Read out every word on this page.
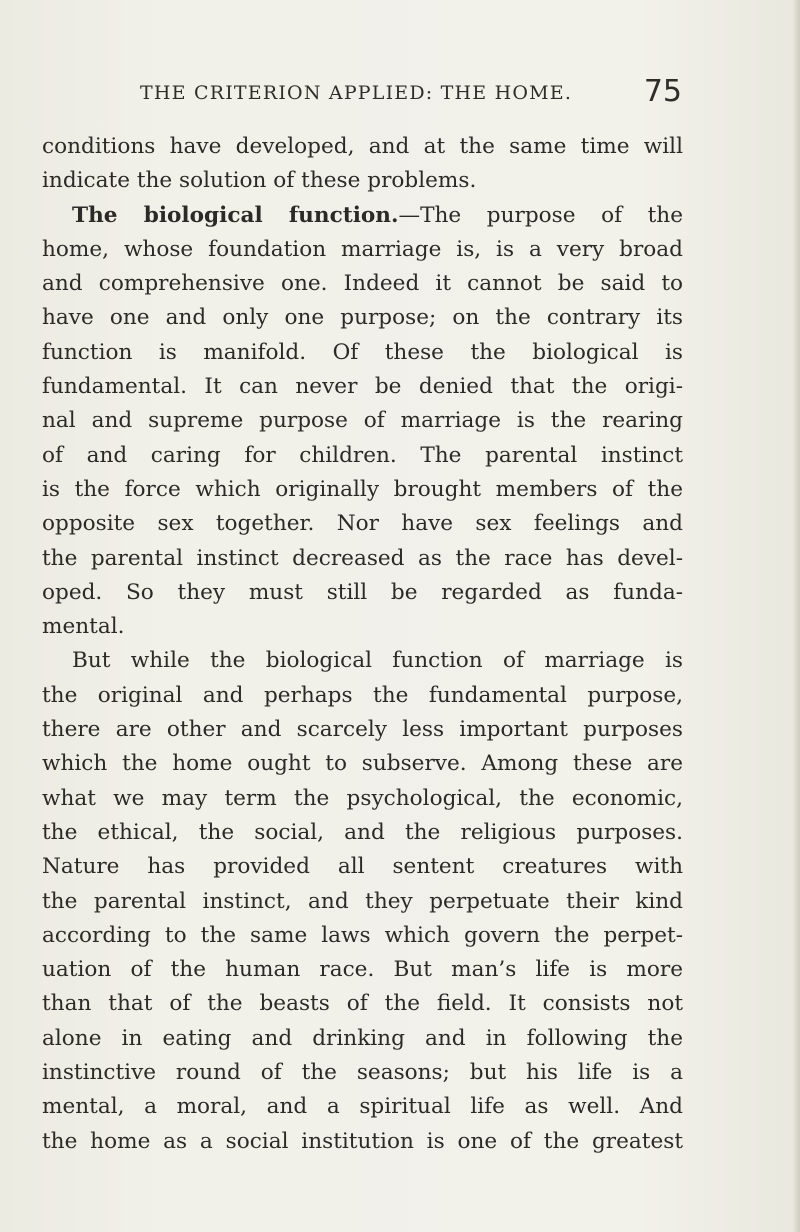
THE CRITERION APPLIED: THE HOME. 75
conditions have developed, and at the same time will
indicate the solution of these problems.
The biological function.—The purpose of the
home, whose foundation marriage is, is a very broad
and comprehensive one. Indeed it cannot be said to
have one and only one purpose; on the contrary its
function is manifold. Of these the biological is
fundamental. It can never be denied that the origi-
nal and supreme purpose of marriage is the rearing
of and caring for children. The parental instinct
is the force which originally brought members of the
opposite sex together. Nor have sex feelings and
the parental instinct decreased as the race has devel-
oped. So they must still be regarded as funda-
mental.
But while the biological function of marriage is
the original and perhaps the fundamental purpose,
there are other and scarcely less important purposes
which the home ought to subserve. Among these are
what we may term the psychological, the economic,
the ethical, the social, and the religious purposes.
Nature has provided all sentent creatures with
the parental instinct, and they perpetuate their kind
according to the same laws which govern the perpet-
uation of the human race. But man’s life is more
than that of the beasts of the field. It consists not
alone in eating and drinking and in following the
instinctive round of the seasons; but his life is a
mental, a moral, and a spiritual life as well. And
the home as a social institution is one of the greatest
